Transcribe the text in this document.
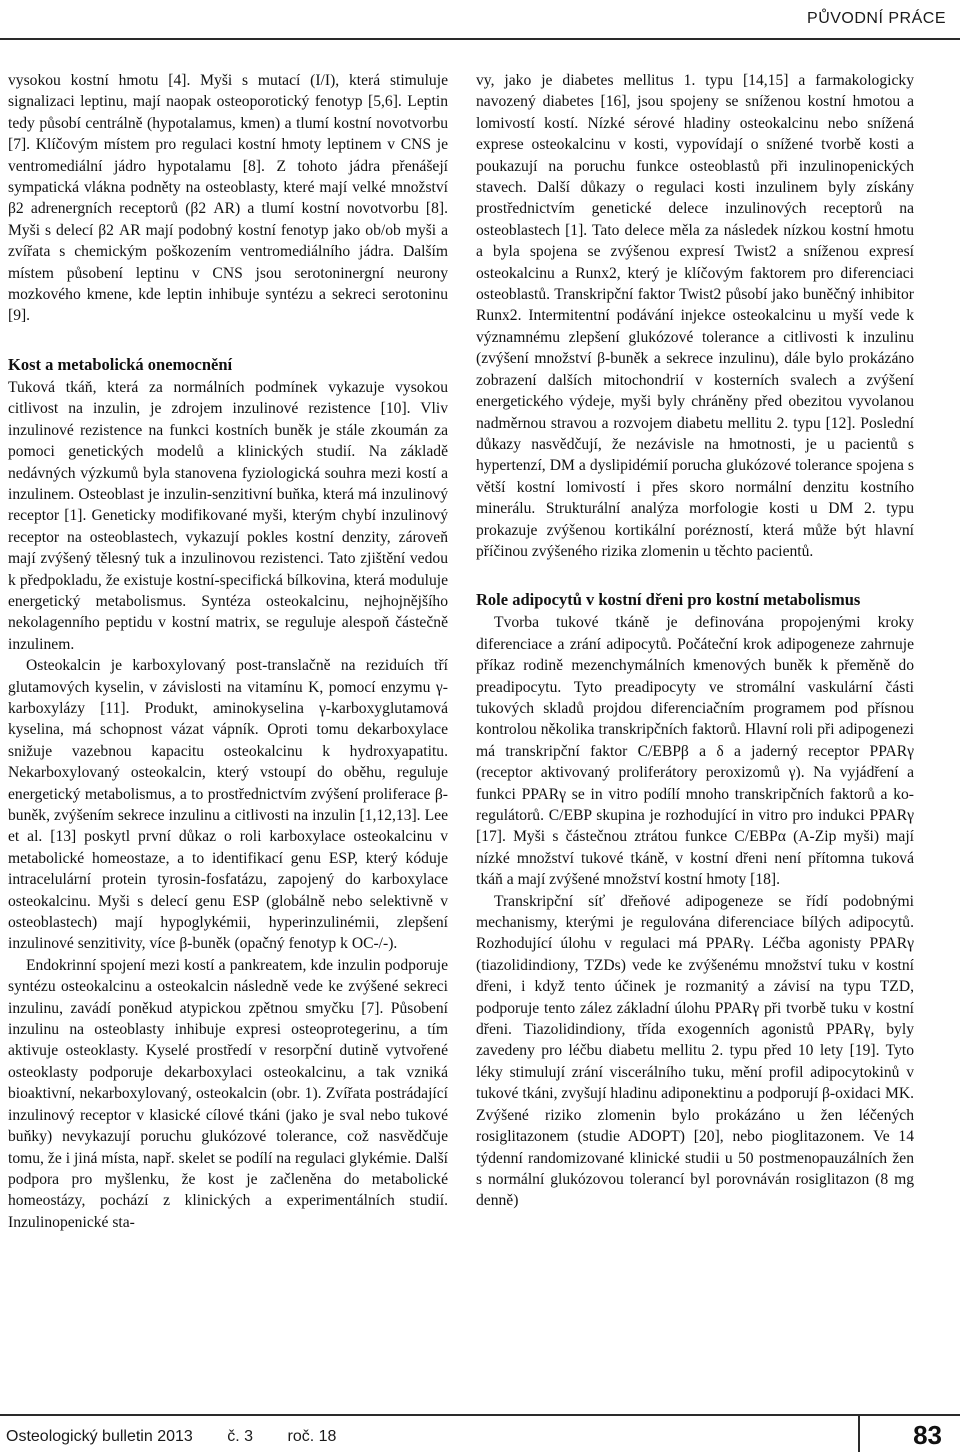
PŮVODNÍ PRÁCE

vysokou kostní hmotu [4]. Myši s mutací (I/I), která stimuluje signalizaci leptinu, mají naopak osteoporotický fenotyp [5,6]. Leptin tedy působí centrálně (hypotalamus, kmen) a tlumí kostní novotvorbu [7]. Klíčovým místem pro regulaci kostní hmoty leptinem v CNS je ventromediální jádro hypotalamu [8]. Z tohoto jádra přenášejí sympatická vlákna podněty na osteoblasty, které mají velké množství β2 adrenergních receptorů (β2 AR) a tlumí kostní novotvorbu [8]. Myši s delecí β2 AR mají podobný kostní fenotyp jako ob/ob myši a zvířata s chemickým poškozením ventromediálního jádra. Dalším místem působení leptinu v CNS jsou serotoninergní neurony mozkového kmene, kde leptin inhibuje syntézu a sekreci serotoninu [9].

Kost a metabolická onemocnění

Tuková tkáň, která za normálních podmínek vykazuje vysokou citlivost na inzulin, je zdrojem inzulinové rezistence [10]. Vliv inzulinové rezistence na funkci kostních buněk je stále zkoumán za pomoci genetických modelů a klinických studií. Na základě nedávných výzkumů byla stanovena fyziologická souhra mezi kostí a inzulinem. Osteoblast je inzulin-senzitivní buňka, která má inzulinový receptor [1]. Geneticky modifikované myši, kterým chybí inzulinový receptor na osteoblastech, vykazují pokles kostní denzity, zároveň mají zvýšený tělesný tuk a inzulinovou rezistenci. Tato zjištění vedou k předpokladu, že existuje kostní-specifická bílkovina, která moduluje energetický metabolismus. Syntéza osteokalcinu, nejhojnějšího nekolagenního peptidu v kostní matrix, se reguluje alespoň částečně inzulinem.

Osteokalcin je karboxylovaný post-translačně na reziduích tří glutamových kyselin, v závislosti na vitamínu K, pomocí enzymu γ-karboxylázy [11]. Produkt, aminokyselina γ-karboxyglutamová kyselina, má schopnost vázat vápník. Oproti tomu dekarboxylace snižuje vazebnou kapacitu osteokalcinu k hydroxyapatitu. Nekarboxylovaný osteokalcin, který vstoupí do oběhu, reguluje energetický metabolismus, a to prostřednictvím zvýšení proliferace β-buněk, zvýšením sekrece inzulinu a citlivosti na inzulin [1,12,13]. Lee et al. [13] poskytl první důkaz o roli karboxylace osteokalcinu v metabolické homeostaze, a to identifikací genu ESP, který kóduje intracelulární protein tyrosin-fosfatázu, zapojený do karboxylace osteokalcinu. Myši s delecí genu ESP (globálně nebo selektivně v osteoblastech) mají hypoglykémii, hyperinzulinémii, zlepšení inzulinové senzitivity, více β-buněk (opačný fenotyp k OC-/-).

Endokrinní spojení mezi kostí a pankreatem, kde inzulin podporuje syntézu osteokalcinu a osteokalcin následně vede ke zvýšené sekreci inzulinu, zavádí poněkud atypickou zpětnou smyčku [7]. Působení inzulinu na osteoblasty inhibuje expresi osteoprotegerinu, a tím aktivuje osteoklasty. Kyselé prostředí v resorpční dutině vytvořené osteoklasty podporuje dekarboxylaci osteokalcinu, a tak vzniká bioaktivní, nekarboxylovaný, osteokalcin (obr. 1). Zvířata postrádající inzulinový receptor v klasické cílové tkáni (jako je sval nebo tukové buňky) nevykazují poruchu glukózové tolerance, což nasvědčuje tomu, že i jiná místa, např. skelet se podílí na regulaci glykémie. Další podpora pro myšlenku, že kost je začleněna do metabolické homeostázy, pochází z klinických a experimentálních studií. Inzulinopenické sta-

vy, jako je diabetes mellitus 1. typu [14,15] a farmakologicky navozený diabetes [16], jsou spojeny se sníženou kostní hmotou a lomivostí kostí. Nízké sérové hladiny osteokalcinu nebo snížená exprese osteokalcinu v kosti, vypovídají o snížené tvorbě kosti a poukazují na poruchu funkce osteoblastů při inzulinopenických stavech. Další důkazy o regulaci kosti inzulinem byly získány prostřednictvím genetické delece inzulinových receptorů na osteoblastech [1]. Tato delece měla za následek nízkou kostní hmotu a byla spojena se zvýšenou expresí Twist2 a sníženou expresí osteokalcinu a Runx2, který je klíčovým faktorem pro diferenciaci osteoblastů. Transkripční faktor Twist2 působí jako buněčný inhibitor Runx2. Intermitentní podávání injekce osteokalcinu u myší vede k významnému zlepšení glukózové tolerance a citlivosti k inzulinu (zvýšení množství β-buněk a sekrece inzulinu), dále bylo prokázáno zobrazení dalších mitochondrií v kosterních svalech a zvýšení energetického výdeje, myši byly chráněny před obezitou vyvolanou nadměrnou stravou a rozvojem diabetu mellitu 2. typu [12]. Poslední důkazy nasvědčují, že nezávisle na hmotnosti, je u pacientů s hypertenzí, DM a dyslipidémií porucha glukózové tolerance spojena s větší kostní lomivostí i přes skoro normální denzitu kostního minerálu. Strukturální analýza morfologie kosti u DM 2. typu prokazuje zvýšenou kortikální porézností, která může být hlavní příčinou zvýšeného rizika zlomenin u těchto pacientů.

Role adipocytů v kostní dřeni pro kostní metabolismus

Tvorba tukové tkáně je definována propojenými kroky diferenciace a zrání adipocytů. Počáteční krok adipogeneze zahrnuje příkaz rodině mezenchymálních kmenových buněk k přeměně do preadipocytu. Tyto preadipocyty ve stromální vaskulární části tukových skladů projdou diferenciačním programem pod přísnou kontrolou několika transkripčních faktorů. Hlavní roli při adipogenezi má transkripční faktor C/EBPβ a δ a jaderný receptor PPARγ (receptor aktivovaný proliferátory peroxizomů γ). Na vyjádření a funkci PPARγ se in vitro podílí mnoho transkripčních faktorů a ko-regulátorů. C/EBP skupina je rozhodující in vitro pro indukci PPARγ [17]. Myši s částečnou ztrátou funkce C/EBPα (A-Zip myši) mají nízké množství tukové tkáně, v kostní dřeni není přítomna tuková tkáň a mají zvýšené množství kostní hmoty [18].

Transkripční síť dřeňové adipogeneze se řídí podobnými mechanismy, kterými je regulována diferenciace bílých adipocytů. Rozhodující úlohu v regulaci má PPARγ. Léčba agonisty PPARγ (tiazolidindiony, TZDs) vede ke zvýšenému množství tuku v kostní dřeni, i když tento účinek je rozmanitý a závisí na typu TZD, podporuje tento zález základní úlohu PPARγ při tvorbě tuku v kostní dřeni. Tiazolidindiony, třída exogenních agonistů PPARγ, byly zavedeny pro léčbu diabetu mellitu 2. typu před 10 lety [19]. Tyto léky stimulují zrání viscerálního tuku, mění profil adipocytokinů v tukové tkáni, zvyšují hladinu adiponektinu a podporují β-oxidaci MK. Zvýšené riziko zlomenin bylo prokázáno u žen léčených rosiglitazonem (studie ADOPT) [20], nebo pioglitazonem. Ve 14 týdenní randomizované klinické studii u 50 postmenopauzálních žen s normální glukózovou tolerancí byl porovnáván rosiglitazon (8 mg denně)

Osteologický bulletin 2013 č. 3 roč. 18	83
